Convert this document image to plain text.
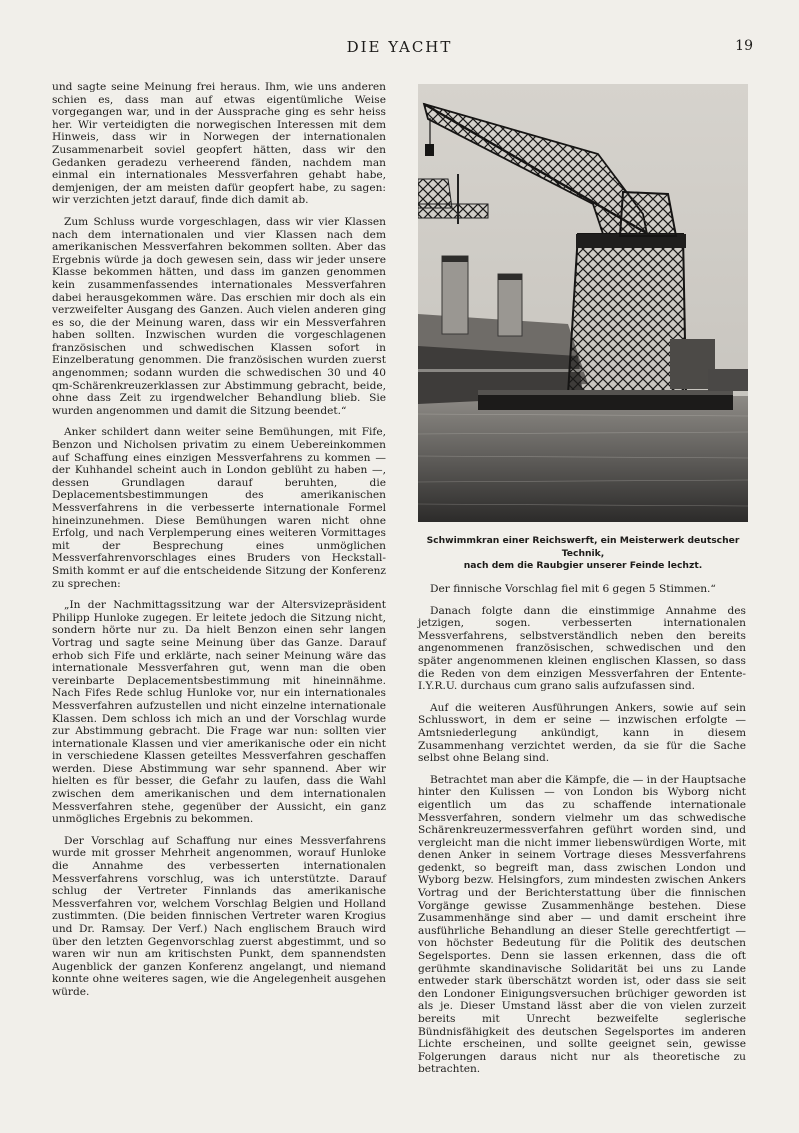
DIE YACHT	19

und sagte seine Meinung frei heraus. Ihm, wie uns anderen schien es, dass man auf etwas eigentümliche Weise vorgegangen war, und in der Aussprache ging es sehr heiss her. Wir verteidigten die norwegischen Interessen mit dem Hinweis, dass wir in Norwegen der internationalen Zusammenarbeit soviel geopfert hätten, dass wir den Gedanken geradezu verheerend fänden, nachdem man einmal ein internationales Messverfahren gehabt habe, demjenigen, der am meisten dafür geopfert habe, zu sagen: wir verzichten jetzt darauf, finde dich damit ab.

Zum Schluss wurde vorgeschlagen, dass wir vier Klassen nach dem internationalen und vier Klassen nach dem amerikanischen Messverfahren bekommen sollten. Aber das Ergebnis würde ja doch gewesen sein, dass wir jeder unsere Klasse bekommen hätten, und dass im ganzen genommen kein zusammenfassendes internationales Messverfahren dabei herausgekommen wäre. Das erschien mir doch als ein verzweifelter Ausgang des Ganzen. Auch vielen anderen ging es so, die der Meinung waren, dass wir ein Messverfahren haben sollten. Inzwischen wurden die vorgeschlagenen französischen und schwedischen Klassen sofort in Einzelberatung genommen. Die französischen wurden zuerst angenommen; sodann wurden die schwedischen 30 und 40 qm-Schärenkreuzerklassen zur Abstimmung gebracht, beide, ohne dass Zeit zu irgendwelcher Behandlung blieb. Sie wurden angenommen und damit die Sitzung beendet.“

Anker schildert dann weiter seine Bemühungen, mit Fife, Benzon und Nicholsen privatim zu einem Uebereinkommen auf Schaffung eines einzigen Messverfahrens zu kommen — der Kuhhandel scheint auch in London geblüht zu haben —, dessen Grundlagen darauf beruhten, die Deplacementsbestimmungen des amerikanischen Messverfahrens in die verbesserte internationale Formel hineinzunehmen. Diese Bemühungen waren nicht ohne Erfolg, und nach Verplemperung eines weiteren Vormittages mit der Besprechung eines unmöglichen Messverfahrenvorschlages eines Bruders von Heckstall-Smith kommt er auf die entscheidende Sitzung der Konferenz zu sprechen:

„In der Nachmittagssitzung war der Altersvizepräsident Philipp Hunloke zugegen. Er leitete jedoch die Sitzung nicht, sondern hörte nur zu. Da hielt Benzon einen sehr langen Vortrag und sagte seine Meinung über das Ganze. Darauf erhob sich Fife und erklärte, nach seiner Meinung wäre das internationale Messverfahren gut, wenn man die oben vereinbarte Deplacementsbestimmung mit hineinnähme. Nach Fifes Rede schlug Hunloke vor, nur ein internationales Messverfahren aufzustellen und nicht einzelne internationale Klassen. Dem schloss ich mich an und der Vorschlag wurde zur Abstimmung gebracht. Die Frage war nun: sollten vier internationale Klassen und vier amerikanische oder ein nicht in verschiedene Klassen geteiltes Messverfahren geschaffen werden. Diese Abstimmung war sehr spannend. Aber wir hielten es für besser, die Gefahr zu laufen, dass die Wahl zwischen dem amerikanischen und dem internationalen Messverfahren stehe, gegenüber der Aussicht, ein ganz unmögliches Ergebnis zu bekommen.

Der Vorschlag auf Schaffung nur eines Messverfahrens wurde mit grosser Mehrheit angenommen, worauf Hunloke die Annahme des verbesserten internationalen Messverfahrens vorschlug, was ich unterstützte. Darauf schlug der Vertreter Finnlands das amerikanische Messverfahren vor, welchem Vorschlag Belgien und Holland zustimmten. (Die beiden finnischen Vertreter waren Krogius und Dr. Ramsay. Der Verf.) Nach englischem Brauch wird über den letzten Gegenvorschlag zuerst abgestimmt, und so waren wir nun am kritischsten Punkt, dem spannendsten Augenblick der ganzen Konferenz angelangt, und niemand konnte ohne weiteres sagen, wie die Angelegenheit ausgehen würde.

Schwimmkran einer Reichswerft, ein Meisterwerk deutscher Technik,
nach dem die Raubgier unserer Feinde lechzt.

Der finnische Vorschlag fiel mit 6 gegen 5 Stimmen.“

Danach folgte dann die einstimmige Annahme des jetzigen, sogen. verbesserten internationalen Messverfahrens, selbstverständlich neben den bereits angenommenen französischen, schwedischen und den später angenommenen kleinen englischen Klassen, so dass die Reden von dem einzigen Messverfahren der Entente-I.Y.R.U. durchaus cum grano salis aufzufassen sind.

Auf die weiteren Ausführungen Ankers, sowie auf sein Schlusswort, in dem er seine — inzwischen erfolgte — Amtsniederlegung ankündigt, kann in diesem Zusammenhang verzichtet werden, da sie für die Sache selbst ohne Belang sind.

Betrachtet man aber die Kämpfe, die — in der Hauptsache hinter den Kulissen — von London bis Wyborg nicht eigentlich um das zu schaffende internationale Messverfahren, sondern vielmehr um das schwedische Schärenkreuzermessverfahren geführt worden sind, und vergleicht man die nicht immer liebenswürdigen Worte, mit denen Anker in seinem Vortrage dieses Messverfahrens gedenkt, so begreift man, dass zwischen London und Wyborg bezw. Helsingfors, zum mindesten zwischen Ankers Vortrag und der Berichterstattung über die finnischen Vorgänge gewisse Zusammenhänge bestehen. Diese Zusammenhänge sind aber — und damit erscheint ihre ausführliche Behandlung an dieser Stelle gerechtfertigt — von höchster Bedeutung für die Politik des deutschen Segelsportes. Denn sie lassen erkennen, dass die oft gerühmte skandinavische Solidarität bei uns zu Lande entweder stark überschätzt worden ist, oder dass sie seit den Londoner Einigungsversuchen brüchiger geworden ist als je. Dieser Umstand lässt aber die von vielen zurzeit bereits mit Unrecht bezweifelte seglerische Bündnisfähigkeit des deutschen Segelsportes im anderen Lichte erscheinen, und sollte geeignet sein, gewisse Folgerungen daraus nicht nur als theoretische zu betrachten.
